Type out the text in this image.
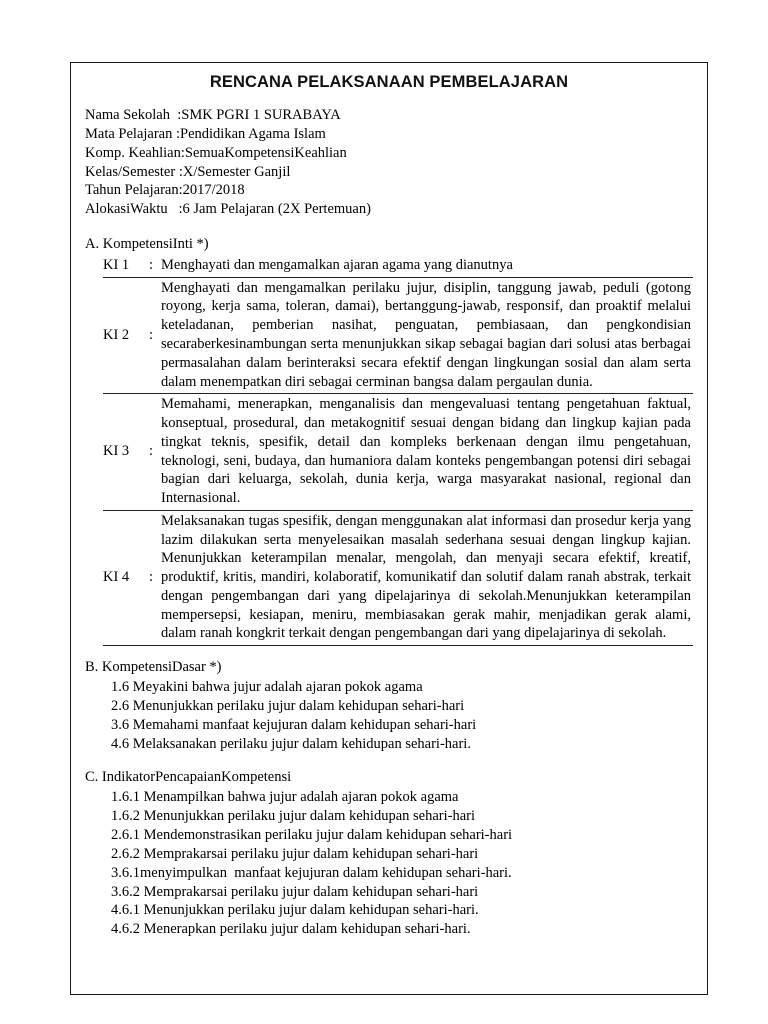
RENCANA PELAKSANAAN PEMBELAJARAN
Nama Sekolah  : SMK PGRI 1 SURABAYA
Mata Pelajaran : Pendidikan Agama Islam
Komp. Keahlian: SemuaKompetensiKeahlian
Kelas/Semester : X/Semester Ganjil
Tahun Pelajaran: 2017/2018
AlokasiWaktu   : 6 Jam Pelajaran (2X Pertemuan)
A. KompetensiInti *)
KI 1	:	Menghayati dan mengamalkan ajaran agama yang dianutnya
KI 2	:	Menghayati dan mengamalkan perilaku jujur, disiplin, tanggung jawab, peduli (gotong royong, kerja sama, toleran, damai), bertanggung-jawab, responsif, dan proaktif melalui keteladanan, pemberian nasihat, penguatan, pembiasaan, dan pengkondisian secaraberkesinambungan serta menunjukkan sikap sebagai bagian dari solusi atas berbagai permasalahan dalam berinteraksi secara efektif dengan lingkungan sosial dan alam serta dalam menempatkan diri sebagai cerminan bangsa dalam pergaulan dunia.
KI 3	:	Memahami, menerapkan, menganalisis dan mengevaluasi tentang pengetahuan faktual, konseptual, prosedural, dan metakognitif sesuai dengan bidang dan lingkup kajian pada tingkat teknis, spesifik, detail dan kompleks berkenaan dengan ilmu pengetahuan, teknologi, seni, budaya, dan humaniora dalam konteks pengembangan potensi diri sebagai bagian dari keluarga, sekolah, dunia kerja, warga masyarakat nasional, regional dan Internasional.
KI 4	:	Melaksanakan tugas spesifik, dengan menggunakan alat informasi dan prosedur kerja yang lazim dilakukan serta menyelesaikan masalah sederhana sesuai dengan lingkup kajian. Menunjukkan keterampilan menalar, mengolah, dan menyaji secara efektif, kreatif, produktif, kritis, mandiri, kolaboratif, komunikatif dan solutif dalam ranah abstrak, terkait dengan pengembangan dari yang dipelajarinya di sekolah.Menunjukkan keterampilan mempersepsi, kesiapan, meniru, membiasakan gerak mahir, menjadikan gerak alami, dalam ranah kongkrit terkait dengan pengembangan dari yang dipelajarinya di sekolah.
B. KompetensiDasar *)
1.6 Meyakini bahwa jujur adalah ajaran pokok agama
2.6 Menunjukkan perilaku jujur dalam kehidupan sehari-hari
3.6 Memahami manfaat kejujuran dalam kehidupan sehari-hari
4.6 Melaksanakan perilaku jujur dalam kehidupan sehari-hari.
C. IndikatorPencapaianKompetensi
1.6.1 Menampilkan bahwa jujur adalah ajaran pokok agama
1.6.2 Menunjukkan perilaku jujur dalam kehidupan sehari-hari
2.6.1 Mendemonstrasikan perilaku jujur dalam kehidupan sehari-hari
2.6.2 Memprakarsai perilaku jujur dalam kehidupan sehari-hari
3.6.1menyimpulkan  manfaat kejujuran dalam kehidupan sehari-hari.
3.6.2 Memprakarsai perilaku jujur dalam kehidupan sehari-hari
4.6.1 Menunjukkan perilaku jujur dalam kehidupan sehari-hari.
4.6.2 Menerapkan perilaku jujur dalam kehidupan sehari-hari.
